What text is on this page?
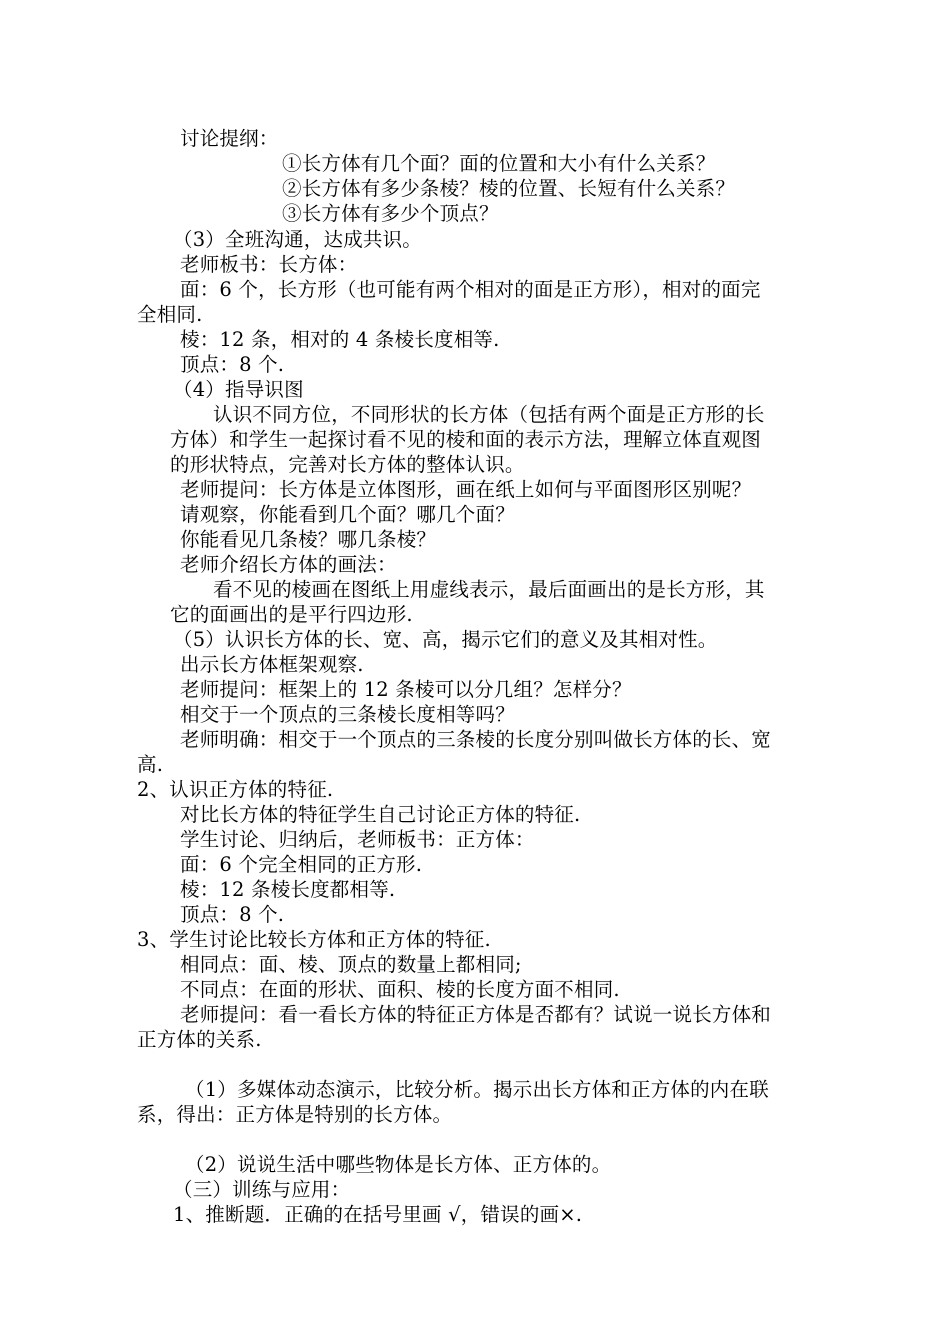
讨论提纲：
①长方体有几个面？面的位置和大小有什么关系？
②长方体有多少条棱？棱的位置、长短有什么关系？
③长方体有多少个顶点？
（3）全班沟通，达成共识。
老师板书：长方体：
面：6 个，长方形（也可能有两个相对的面是正方形），相对的面完
全相同.
棱：12 条，相对的 4 条棱长度相等.
顶点：8 个.
（4）指导识图
认识不同方位，不同形状的长方体（包括有两个面是正方形的长
方体）和学生一起探讨看不见的棱和面的表示方法，理解立体直观图
的形状特点，完善对长方体的整体认识。
老师提问：长方体是立体图形，画在纸上如何与平面图形区别呢？
请观察，你能看到几个面？哪几个面？
你能看见几条棱？哪几条棱？
老师介绍长方体的画法：
看不见的棱画在图纸上用虚线表示，最后面画出的是长方形，其
它的面画出的是平行四边形.
（5）认识长方体的长、宽、高，揭示它们的意义及其相对性。
出示长方体框架观察.
老师提问：框架上的 12 条棱可以分几组？怎样分？
相交于一个顶点的三条棱长度相等吗？
老师明确：相交于一个顶点的三条棱的长度分别叫做长方体的长、宽
高.
2、认识正方体的特征.
对比长方体的特征学生自己讨论正方体的特征.
学生讨论、归纳后，老师板书：正方体：
面：6 个完全相同的正方形.
棱：12 条棱长度都相等.
顶点：8 个.
3、学生讨论比较长方体和正方体的特征.
相同点：面、棱、顶点的数量上都相同;
不同点：在面的形状、面积、棱的长度方面不相同.
老师提问：看一看长方体的特征正方体是否都有？试说一说长方体和
正方体的关系.
（1）多媒体动态演示，比较分析。揭示出长方体和正方体的内在联
系，得出：正方体是特别的长方体。
（2）说说生活中哪些物体是长方体、正方体的。
（三）训练与应用：
1、推断题．正确的在括号里画 √，错误的画×.
